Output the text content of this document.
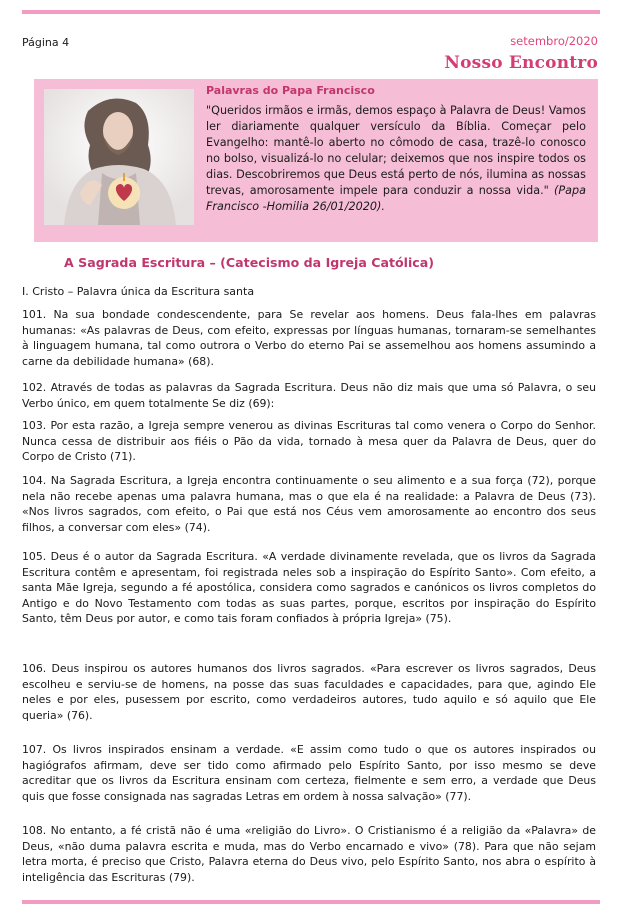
Página 4	setembro/2020
Nosso Encontro
Palavras do Papa Francisco

"Queridos irmãos e irmãs, demos espaço à Palavra de Deus! Vamos ler diariamente qualquer versículo da Bíblia. Começar pelo Evangelho: mantê-lo aberto no cômodo de casa, trazê-lo conosco no bolso, visualizá-lo no celular; deixemos que nos inspire todos os dias. Descobriremos que Deus está perto de nós, ilumina as nossas trevas, amorosamente impele para conduzir a nossa vida." (Papa Francisco -Homilia 26/01/2020).

A Sagrada Escritura – (Catecismo da Igreja Católica)
I. Cristo – Palavra única da Escritura santa

101. Na sua bondade condescendente, para Se revelar aos homens. Deus fala-lhes em palavras humanas: «As palavras de Deus, com efeito, expressas por línguas humanas, tornaram-se semelhantes à linguagem humana, tal como outrora o Verbo do eterno Pai se assemelhou aos homens assumindo a carne da debilidade humana» (68).

102. Através de todas as palavras da Sagrada Escritura. Deus não diz mais que uma só Palavra, o seu Verbo único, em quem totalmente Se diz (69):

103. Por esta razão, a Igreja sempre venerou as divinas Escrituras tal como venera o Corpo do Senhor. Nunca cessa de distribuir aos fiéis o Pão da vida, tornado à mesa quer da Palavra de Deus, quer do Corpo de Cristo (71).

104. Na Sagrada Escritura, a Igreja encontra continuamente o seu alimento e a sua força (72), porque nela não recebe apenas uma palavra humana, mas o que ela é na realidade: a Palavra de Deus (73). «Nos livros sagrados, com efeito, o Pai que está nos Céus vem amorosamente ao encontro dos seus filhos, a conversar com eles» (74).

105. Deus é o autor da Sagrada Escritura. «A verdade divinamente revelada, que os livros da Sagrada Escritura contêm e apresentam, foi registrada neles sob a inspiração do Espírito Santo». Com efeito, a santa Mãe Igreja, segundo a fé apostólica, considera como sagrados e canónicos os livros completos do Antigo e do Novo Testamento com todas as suas partes, porque, escritos por inspiração do Espírito Santo, têm Deus por autor, e como tais foram confiados à própria Igreja» (75).

106. Deus inspirou os autores humanos dos livros sagrados. «Para escrever os livros sagrados, Deus escolheu e serviu-se de homens, na posse das suas faculdades e capacidades, para que, agindo Ele neles e por eles, pusessem por escrito, como verdadeiros autores, tudo aquilo e só aquilo que Ele queria» (76).

107. Os livros inspirados ensinam a verdade. «E assim como tudo o que os autores inspirados ou hagiógrafos afirmam, deve ser tido como afirmado pelo Espírito Santo, por isso mesmo se deve acreditar que os livros da Escritura ensinam com certeza, fielmente e sem erro, a verdade que Deus quis que fosse consignada nas sagradas Letras em ordem à nossa salvação» (77).

108. No entanto, a fé cristã não é uma «religião do Livro». O Cristianismo é a religião da «Palavra» de Deus, «não duma palavra escrita e muda, mas do Verbo encarnado e vivo» (78). Para que não sejam letra morta, é preciso que Cristo, Palavra eterna do Deus vivo, pelo Espírito Santo, nos abra o espírito à inteligência das Escrituras (79).
